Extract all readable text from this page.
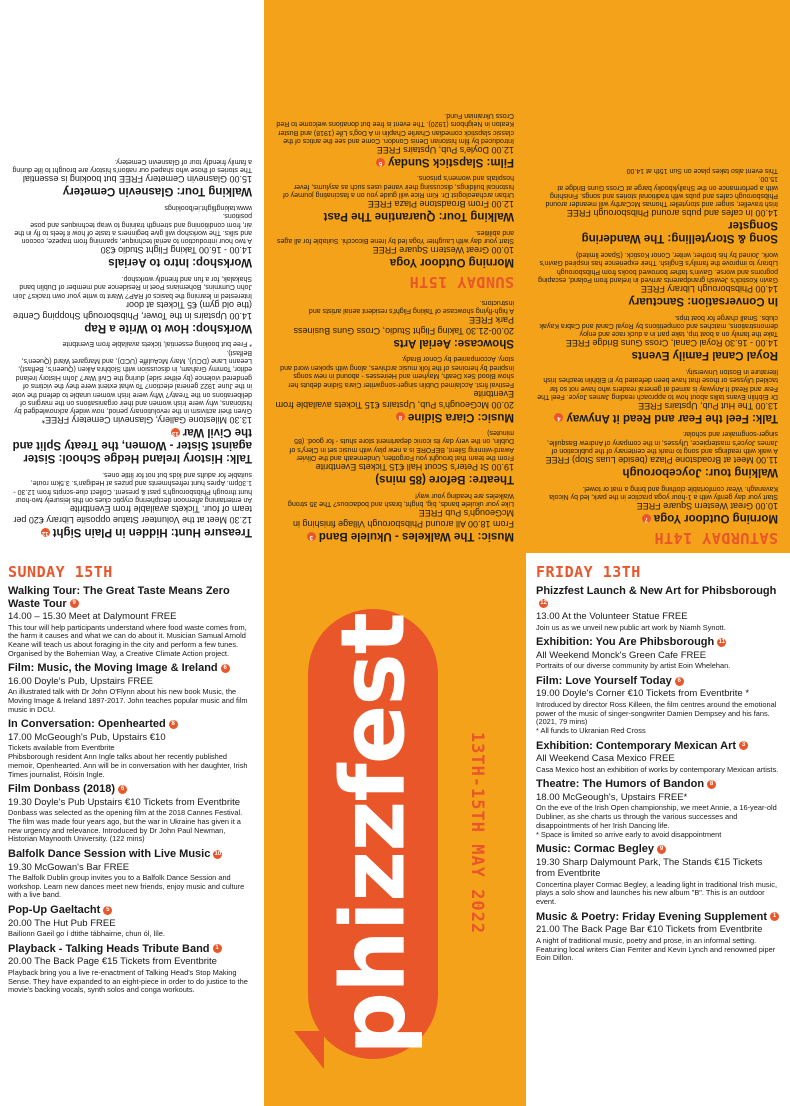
Treasure Hunt: Hidden in Plain Sight12
12.30 Meet at the Volunteer Statue opposite Library €20 per team of four. Tickets available from Eventbrite
An entertaining afternoon deciphering cryptic clues on this leisurely two-hour hunt through Phibsborough's past & present. Collect clue-scripts from 12.30 - 1.30pm. Apres hunt refreshments and prizes at Hedigan's. 3.5km route, suitable for adults and kids but not for little ones.
Talk: History Ireland Hedge School: Sister against Sister - Women, the Treaty Split and the Civil War13
13.30 Milestone Gallery, Glasnevin Cemetery FREE*
Given their activism in the revolutionary period, now widely acknowledged by historians, why were Irish women and their organisations on the margins of deliberations on the Treaty? Why were Irish women unable to defend the vote in the June 1922 general election? To what extent were they the victims of gendered violence (by either side) during the Civil War? John History Ireland editor, Tommy Graham, in discussion with Siobhra Aiken (Queen's, Belfast), Leeann Lane (DCU), Mary McAuliffe (UCD), and Margaret Ward (Queen's, Belfast).
* Free but booking essential, tickets available from Eventbrite
Workshop: How to Write a Rap
14.00 Upstairs in the Tower, Phibsborough Shopping Centre (the old gym) €5 Tickets at door
Interested in learning the basics of RAP? Want to write your own tracks? Join John Cummins, Bohemians Poet in Residence and member of Dublin band Shakalak, for a fun and friendly workshop.
Workshop: Intro to Aerials
14.00 - 16.00 Taking Flight Studio €30
A two hour introduction to aerial technique, spanning from trapeze, cocoon and silks. The workshop will give beginners a taste of how it feels to fly in the air, from conditioning and strength training to wrap techniques and pose positions.
www.takingflight.ie/bookings
Walking Tour: Glasnevin Cemetery
15.00 Glasnevin Cemetery FREE but booking is essential
The stories of those who shaped our nation's history are brought to life during a family friendly tour of Glasnevin Cemetery.
Music: The Walkeles - Ukulele Band3
From 18.00 All around Phibsborough Village finishing in McGeough's Pub FREE
Like your ukulele bands, big, bright, brash and bodacious? The 35 strong Walkeles are heading your way!
Theatre: Before (85 mins)
19.00 St Peter's Scout Hall €15 Tickets Eventbrite
From the team that brought you Forgotten, Underneath and the Olivier Award-winning Silent, BEFORE is a new play with music set in Clery's of Dublin, on the very day its iconic department store shuts - for good. (85 minutes)
Music: Ciara Sidine8
20.00 McGeough's Pub, Upstairs €15 Tickets available from Eventbrite
Festival first. Acclaimed Dublin singer-songwriter Ciara Sidine debuts her show Blood Sex Death, Mayhem and Heiresses - abound in new songs inspired by heroines of the folk music archives, along with spoken word and story. Accompanied by Conor Brady.
Showcase: Aerial Arts
20.00-21.30 Taking Flight Studio, Cross Guns Business Park FREE
A high-flying showcase of Taking Flight's resident aerial artists and instructors.
SUNDAY 15TH
Morning Outdoor Yoga
10.00 Great Western Square FREE
Start your day with Laughter Yoga led by Irene Bicocchi. Suitable for all ages and abilities.
Walking Tour: Quarantine The Past
12.00 From Broadstone Plaza FREE
Urban archaeologist Dr. Kim Rice will guide you on a fascinating journey of historical buildings, discussing their varied uses such as asylums, fever hospitals and women's prisons.
Film: Slapstick Sunday6
12.00 Doyle's Pub, Upstairs FREE
Introduced by film historian Denis Condon. Come and see the antics of the classic slapstick comedian Charlie Chaplin in A Dog's Life (1918) and Buster Keaton in Neighbors (1920). The event is free but donations welcome to Red Cross Ukrainian Fund.
SATURDAY 14TH
Morning Outdoor Yoga7
10.00 Great Western Square FREE
Start your day gently with a 1-hour yoga practice in the park, led by Nicola Kavanagh. Wear comfortable clothing and bring a mat or towel.
Walking tour: Joyceborough
11.00 Meet at Broadstone Plaza (beside Luas Stop) FREE
A walk with readings and song to mark the centenary of the publication of James Joyce's masterpiece, Ulysses, in the company of Andrew Basquille, singer-songmaker and scholar.
Talk: Feel the Fear and Read it Anyway4
13.00 The Hut Pub, Upstairs FREE
Dr Eibhlin Evans talks about how to approach reading James Joyce. Feel The Fear and Read It Anyway is aimed at general readers who have not so far tackled Ulysses or those that have been defeated by it! Eibhlin teaches Irish literature in Boston University.
Royal Canal Family Events
14.00 - 16.30 Royal Canal, Cross Guns Bridge FREE
Take the family on a boat trip, take part in a duck race and enjoy demonstrations, matches and competitions by Royal Canal and Cabra Kayak clubs. Small charge for boat trips.
In Conversation: Sanctuary
14.00 Phibsborough Library FREE
Gavin Kostick's Jewish grandparents arrived in Ireland from Poland, escaping pogroms and worse. Gavin's father borrowed books from Phibsborough Library to improve the family's English. Their experience has inspired Gavin's work. Joined by his brother, writer, Conor Kostick. (Space limited)
Song & Storytelling: The Wandering Songster
14.00 In cafes and pubs around Phibsborough FREE
Irish traveller, singer and storyteller Thomas McCarthy will meander around Phibsborough cafes and pubs with traditional stories and songs. Finishing with a performance on the Shallykbooky barge at Cross Guns Bridge at 15.00.
This event also takes place on Sun 15th at 14.00
SUNDAY 15TH
Walking Tour: The Great Taste Means Zero Waste Tour 9
14.00 – 15.30 Meet at Dalymount FREE
This tour will help participants understand where food waste comes from, the harm it causes and what we can do about it. Musician Samual Arnold Keane will teach us about foraging in the city and perform a few tunes. Organised by the Bohemian Way, a Creative Climate Action project.
Film: Music, the Moving Image & Ireland 6
16.00 Doyle's Pub, Upstairs FREE
An illustrated talk with Dr John O'Flynn about his new book Music, the Moving Image & Ireland 1897-2017. John teaches popular music and film music in DCU.
In Conversation: Openhearted 8
17.00 McGeough's Pub, Upstairs €10
Tickets available from Eventbrite
Phibsborough resident Ann Ingle talks about her recently published memoir, Openhearted. Ann will be in conversation with her daughter, Irish Times journalist, Róisín Ingle.
Film Donbass (2018) 6
19.30 Doyle's Pub Upstairs €10 Tickets from Eventbrite
Donbass was selected as the opening film at the 2018 Cannes Festival. The film was made four years ago, but the war in Ukraine has given it a new urgency and relevance. Introduced by Dr John Paul Newman, Historian Maynooth University. (122 mins)
Balfolk Dance Session with Live Music 10
19.30 McGowan's Bar FREE
The Balfolk Dublin group invites you to a Balfolk Dance Session and workshop. Learn new dances meet new friends, enjoy music and culture with a live band.
Pop-Up Gaeltacht 5
20.00 The Hut Pub FREE
Bailíonn Gaeil go í dtithe tábhairne, chun ól, líle.
Playback - Talking Heads Tribute Band 1
20.00 The Back Page €15 Tickets from Eventbrite
Playback bring you a live re-enactment of Talking Head's Stop Making Sense. They have expanded to an eight-piece in order to do justice to the movie's backing vocals, synth solos and conga workouts.	phizzfest	13TH-15TH MAY 2022
FRIDAY 13TH
Phizzfest Launch & New Art for Phibsborough12
13.00 At the Volunteer Statue FREE
Join us as we unveil new public art work by Niamh Synott.
Exhibition: You Are Phibsborough 11
All Weekend Monck's Green Cafe FREE
Portraits of our diverse community by artist Eoin Whelehan.
Film: Love Yourself Today 6
19.00 Doyle's Corner €10 Tickets from Eventbrite *
Introduced by director Ross Killeen, the film centres around the emotional power of the music of singer-songwriter Damien Dempsey and his fans. (2021, 79 mins)
* All funds to Ukranian Red Cross
Exhibition: Contemporary Mexican Art 3
All Weekend Casa Mexico FREE
Casa Mexico host an exhibition of works by contemporary Mexican artists.
Theatre: The Humors of Bandon 8
18.00 McGeough's, Upstairs FREE*
On the eve of the Irish Open championship, we meet Annie, a 16-year-old Dubliner, as she charts us through the various successes and disappointments of her Irish Dancing life.
* Space is limited so arrive early to avoid disappointment
Music: Cormac Begley 9
19.30 Sharp Dalymount Park, The Stands €15 Tickets from Eventbrite
Concertina player Cormac Begley, a leading light in traditional Irish music, plays a solo show and launches his new album "B". This is an outdoor event.
Music & Poetry: Friday Evening Supplement 1
21.00 The Back Page Bar €10 Tickets from Eventbrite
A night of traditional music, poetry and prose, in an informal setting. Featuring local writers Cian Ferriter and Kevin Lynch and renowned piper Eoin Dillon.
